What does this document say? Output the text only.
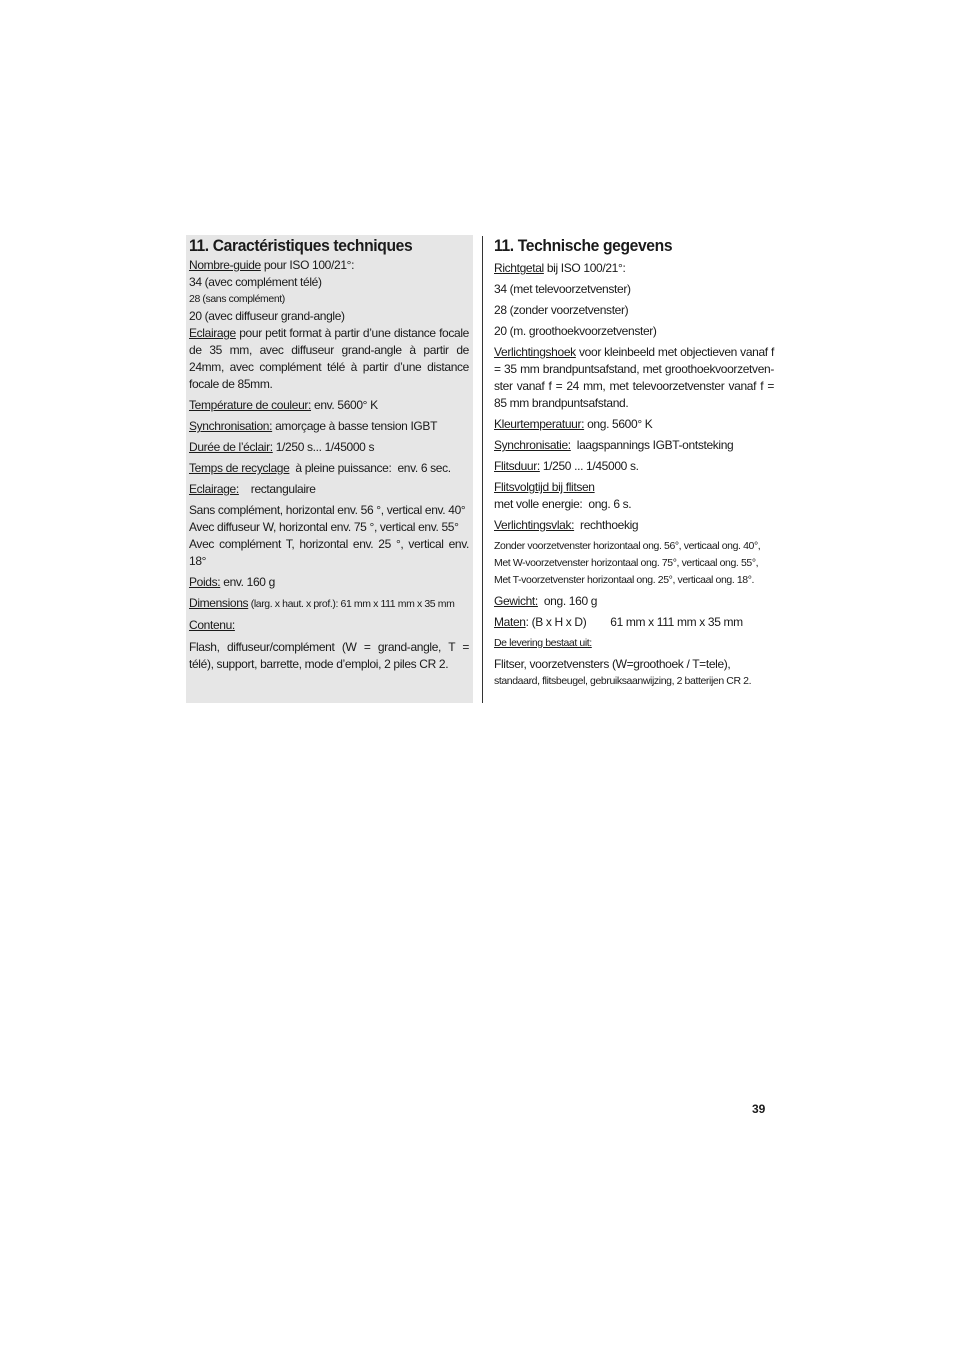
11. Caractéristiques techniques
Nombre-guide pour ISO 100/21°:
34 (avec complément télé)
28 (sans complément)
20 (avec diffuseur grand-angle)
Eclairage pour petit format à partir d’une distance focale de 35 mm, avec diffuseur grand-angle à partir de 24mm, avec complément télé à partir d’une distance focale de 85mm.
Température de couleur: env. 5600° K
Synchronisation: amorçage à basse tension IGBT
Durée de l’éclair: 1/250 s... 1/45000 s
Temps de recyclage  à pleine puissance:  env. 6 sec.
Eclairage:    rectangulaire
Sans complément, horizontal env. 56 °, vertical env. 40°
Avec diffuseur W, horizontal env. 75 °, vertical env. 55°
Avec complément T, horizontal env. 25 °, vertical env. 18°
Poids: env. 160 g
Dimensions (larg. x haut. x prof.): 61 mm x 111 mm x 35 mm
Contenu:
Flash, diffuseur/complément (W = grand-angle, T = télé), support, barrette, mode d’emploi, 2 piles CR 2.
11. Technische gegevens
Richtgetal bij ISO 100/21°:
34 (met televoorzetvenster)
28 (zonder voorzetvenster)
20 (m. groothoekvoorzetvenster)
Verlichtingshoek voor kleinbeeld met objectieven vanaf f = 35 mm brandpuntsafstand, met groothoekvoorzetven-ster vanaf f = 24 mm, met televoorzetvenster vanaf f = 85 mm brandpuntsafstand.
Kleurtemperatuur: ong. 5600° K
Synchronisatie:  laagspannings IGBT-ontsteking
Flitsduur: 1/250 ... 1/45000 s.
Flitsvolgtijd bij flitsen
met volle energie:  ong. 6 s.
Verlichtingsvlak:  rechthoekig
Zonder voorzetvenster horizontaal ong. 56°, verticaal ong. 40°,
Met W-voorzetvenster horizontaal ong. 75°, verticaal ong. 55°,
Met T-voorzetvenster horizontaal ong. 25°, verticaal ong. 18°.
Gewicht:  ong. 160 g
Maten: (B x H x D)        61 mm x 111 mm x 35 mm
De levering bestaat uit:
Flitser, voorzetvensters (W=groothoek / T=tele),
standaard, flitsbeugel, gebruiksaanwijzing, 2 batterijen CR 2.
39
